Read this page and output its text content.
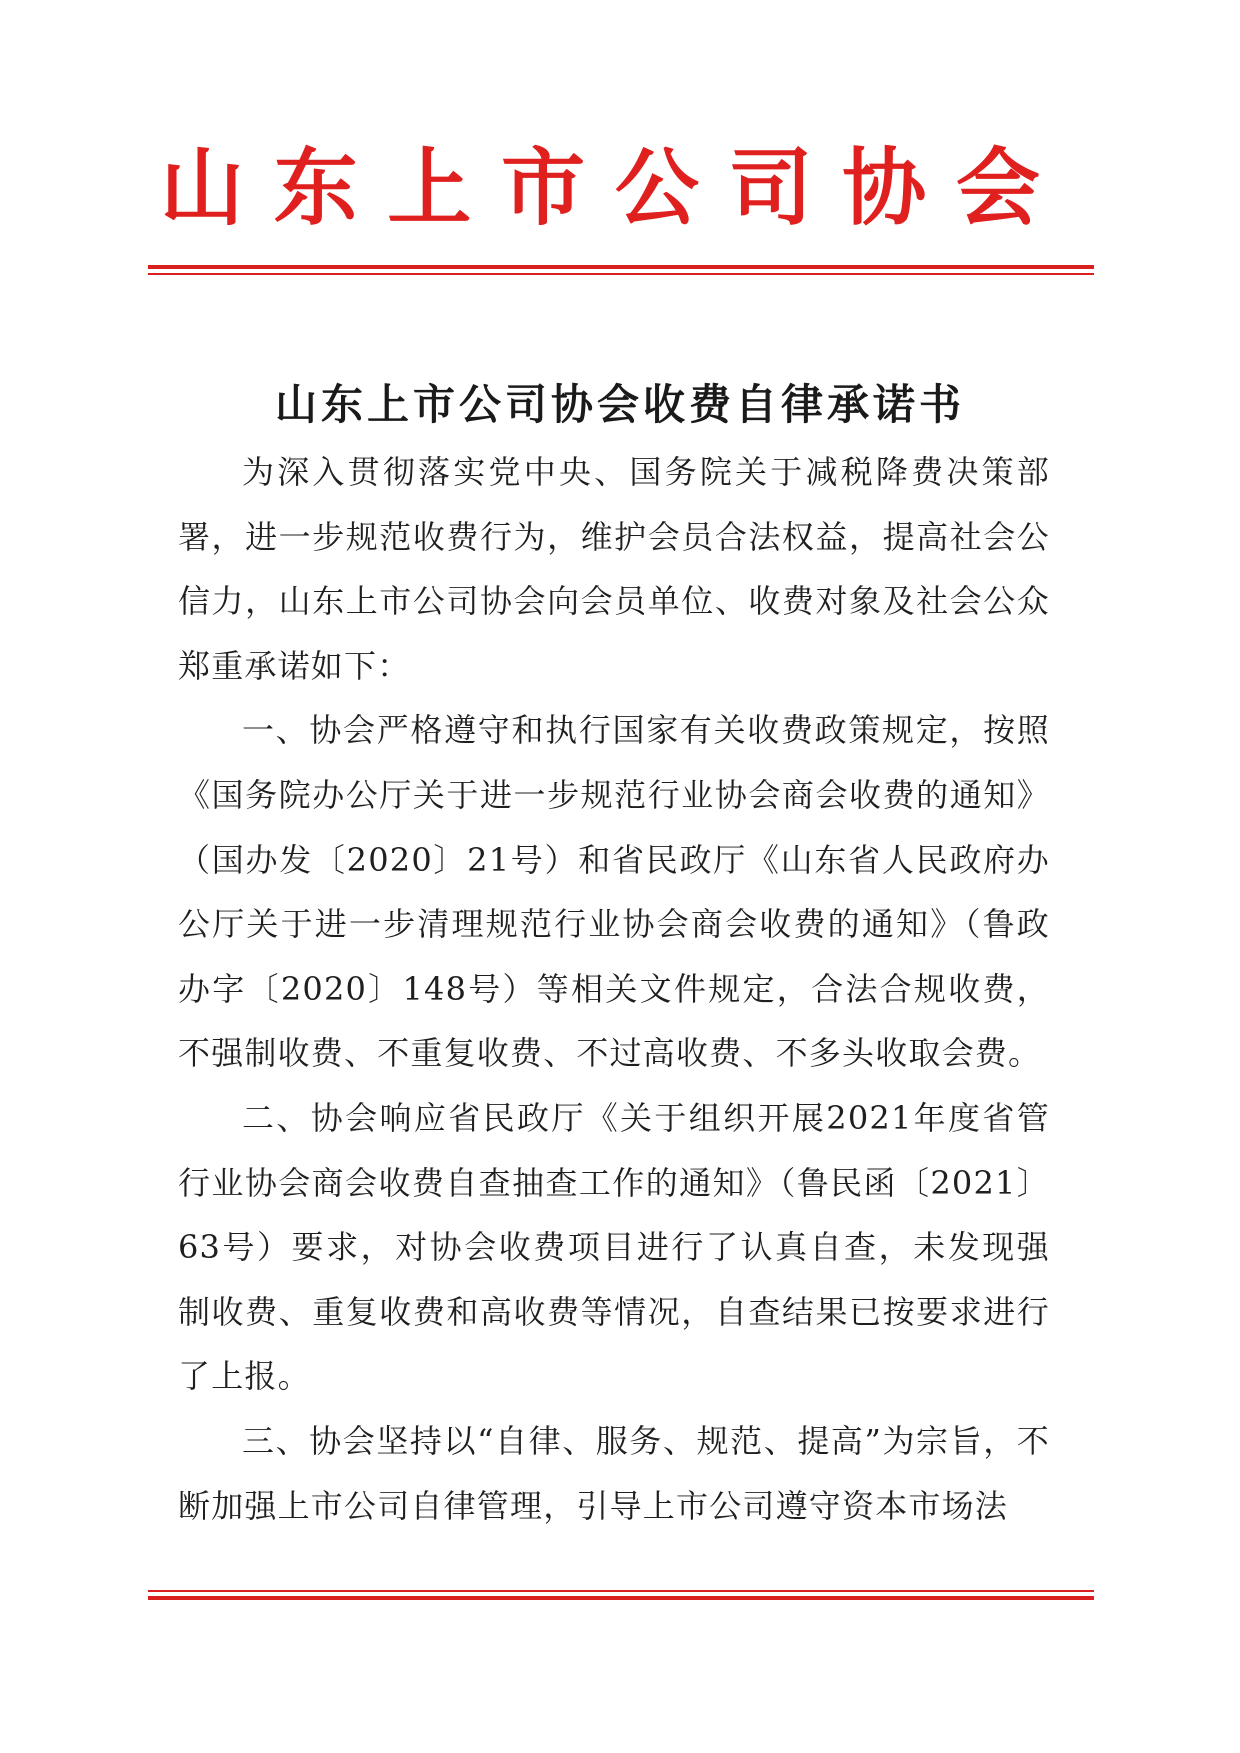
山 东 上 市 公 司 协 会
山东上市公司协会收费自律承诺书

为深入贯彻落实党中央、国务院关于减税降费决策部署，进一步规范收费行为，维护会员合法权益，提高社会公信力，山东上市公司协会向会员单位、收费对象及社会公众郑重承诺如下：

一、协会严格遵守和执行国家有关收费政策规定，按照《国务院办公厅关于进一步规范行业协会商会收费的通知》（国办发〔2020〕21号）和省民政厅《山东省人民政府办公厅关于进一步清理规范行业协会商会收费的通知》（鲁政办字〔2020〕148号）等相关文件规定，合法合规收费，不强制收费、不重复收费、不过高收费、不多头收取会费。

二、协会响应省民政厅《关于组织开展2021年度省管行业协会商会收费自查抽查工作的通知》（鲁民函〔2021〕63号）要求，对协会收费项目进行了认真自查，未发现强制收费、重复收费和高收费等情况，自查结果已按要求进行了上报。

三、协会坚持以“自律、服务、规范、提高”为宗旨，不断加强上市公司自律管理，引导上市公司遵守资本市场法
